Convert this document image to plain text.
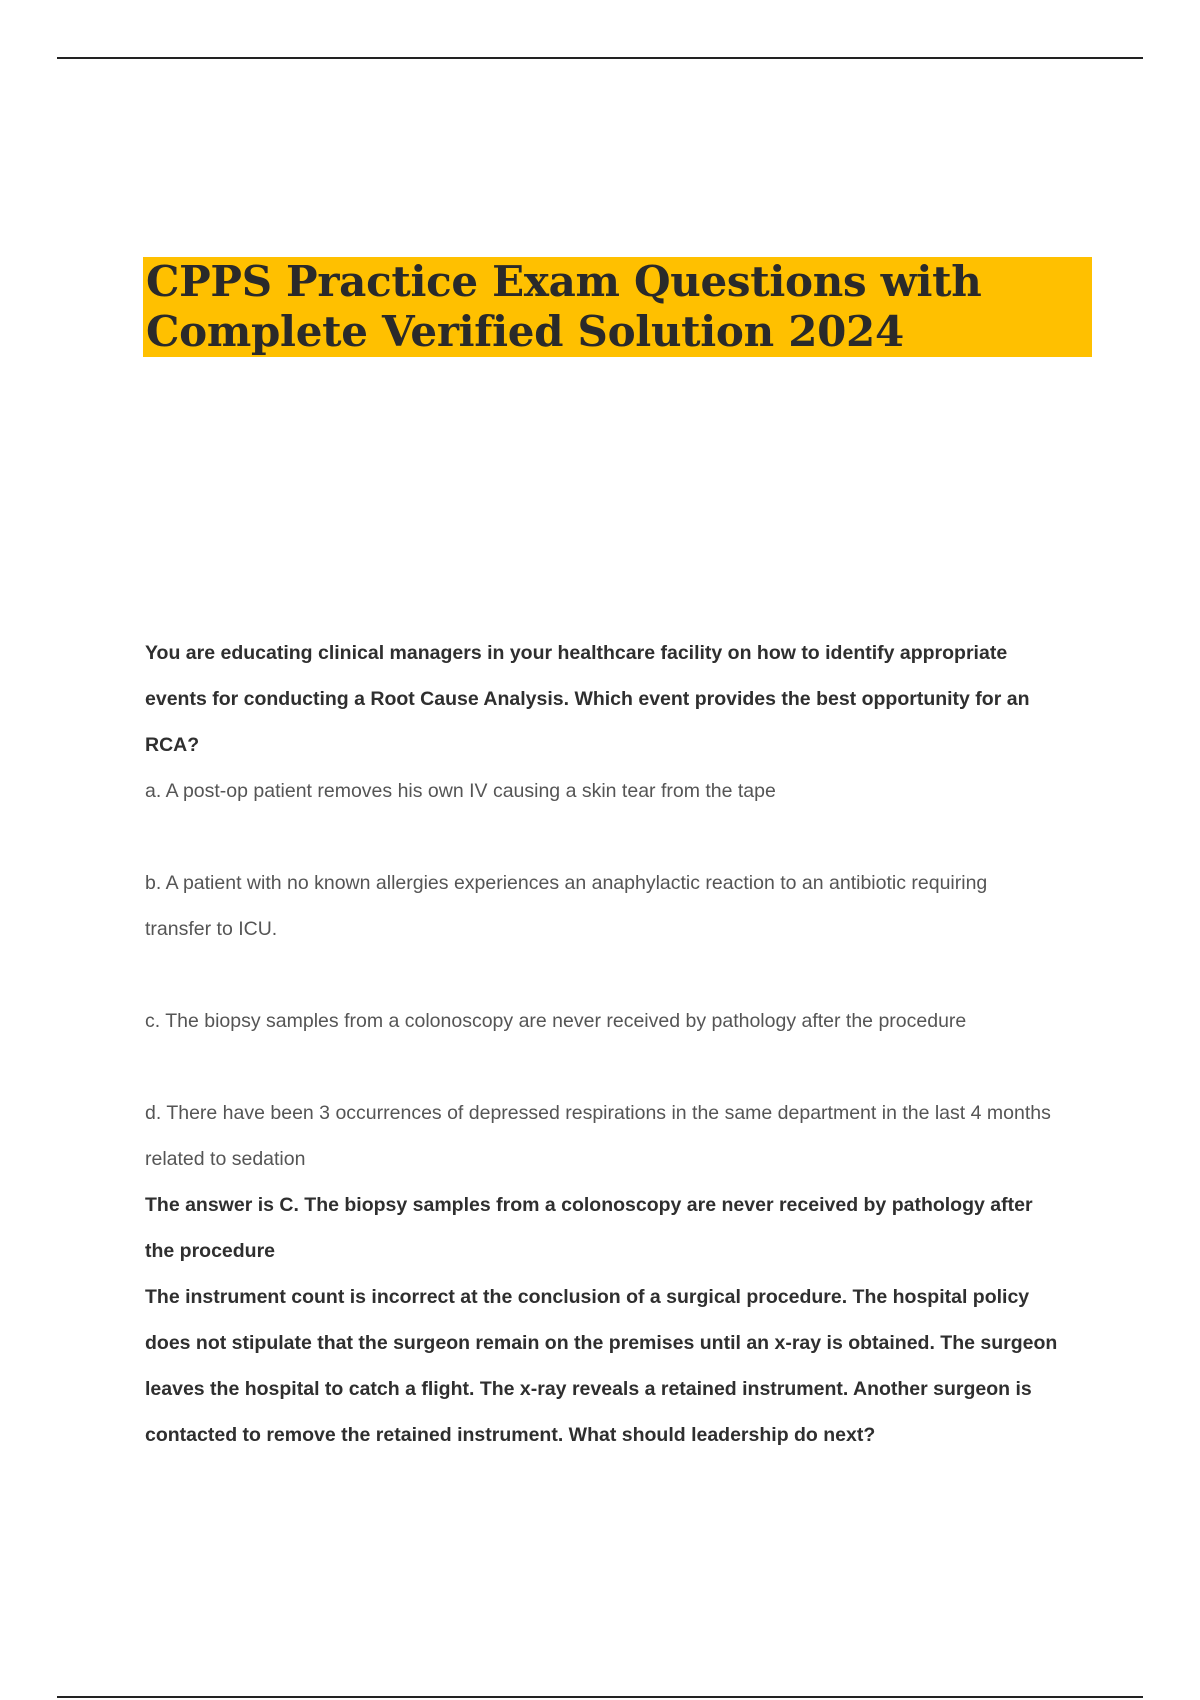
CPPS Practice Exam Questions with
Complete Verified Solution 2024
You are educating clinical managers in your healthcare facility on how to identify appropriate
events for conducting a Root Cause Analysis. Which event provides the best opportunity for an
RCA?
a. A post-op patient removes his own IV causing a skin tear from the tape
b. A patient with no known allergies experiences an anaphylactic reaction to an antibiotic requiring
transfer to ICU.
c. The biopsy samples from a colonoscopy are never received by pathology after the procedure
d. There have been 3 occurrences of depressed respirations in the same department in the last 4 months
related to sedation
The answer is C. The biopsy samples from a colonoscopy are never received by pathology after
the procedure
The instrument count is incorrect at the conclusion of a surgical procedure. The hospital policy
does not stipulate that the surgeon remain on the premises until an x-ray is obtained. The surgeon
leaves the hospital to catch a flight. The x-ray reveals a retained instrument. Another surgeon is
contacted to remove the retained instrument. What should leadership do next?
